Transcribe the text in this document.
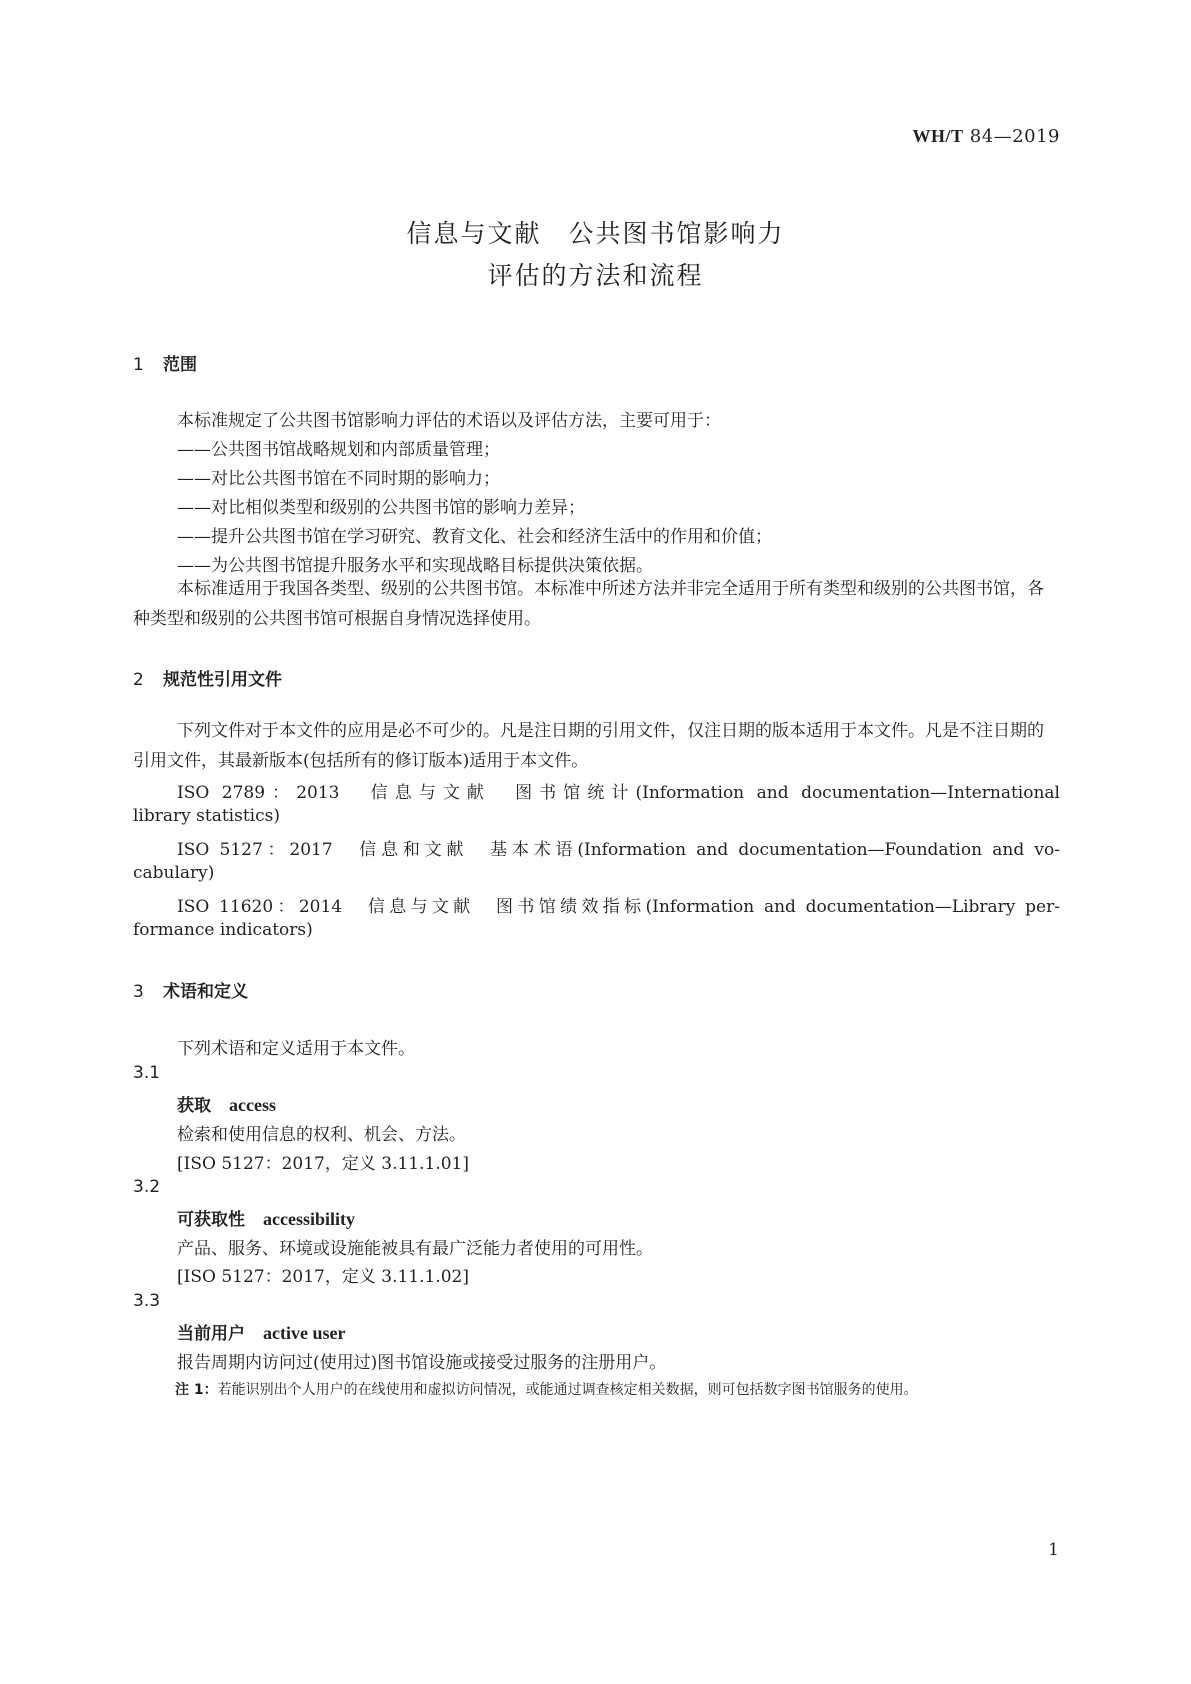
WH/T 84—2019
信息与文献　公共图书馆影响力
评估的方法和流程
1 范围
本标准规定了公共图书馆影响力评估的术语以及评估方法，主要可用于：
——公共图书馆战略规划和内部质量管理；
——对比公共图书馆在不同时期的影响力；
——对比相似类型和级别的公共图书馆的影响力差异；
——提升公共图书馆在学习研究、教育文化、社会和经济生活中的作用和价值；
——为公共图书馆提升服务水平和实现战略目标提供决策依据。

本标准适用于我国各类型、级别的公共图书馆。本标准中所述方法并非完全适用于所有类型和级别的公共图书馆，各种类型和级别的公共图书馆可根据自身情况选择使用。

2 规范性引用文件

下列文件对于本文件的应用是必不可少的。凡是注日期的引用文件，仅注日期的版本适用于本文件。凡是不注日期的引用文件，其最新版本(包括所有的修订版本)适用于本文件。

ISO 2789：2013　信息与文献　图书馆统计(Information and documentation—International
library statistics)
ISO 5127：2017　信息和文献　基本术语(Information and documentation—Foundation and vo-
cabulary)
ISO 11620：2014　信息与文献　图书馆绩效指标(Information and documentation—Library per-
formance indicators)
3 术语和定义
下列术语和定义适用于本文件。
3.1
获取 access
检索和使用信息的权利、机会、方法。
[ISO 5127：2017，定义 3.11.1.01]
3.2
可获取性 accessibility
产品、服务、环境或设施能被具有最广泛能力者使用的可用性。
[ISO 5127：2017，定义 3.11.1.02]
3.3
当前用户 active user
报告周期内访问过(使用过)图书馆设施或接受过服务的注册用户。
注 1：若能识别出个人用户的在线使用和虚拟访问情况，或能通过调查核定相关数据，则可包括数字图书馆服务的使用。
1
